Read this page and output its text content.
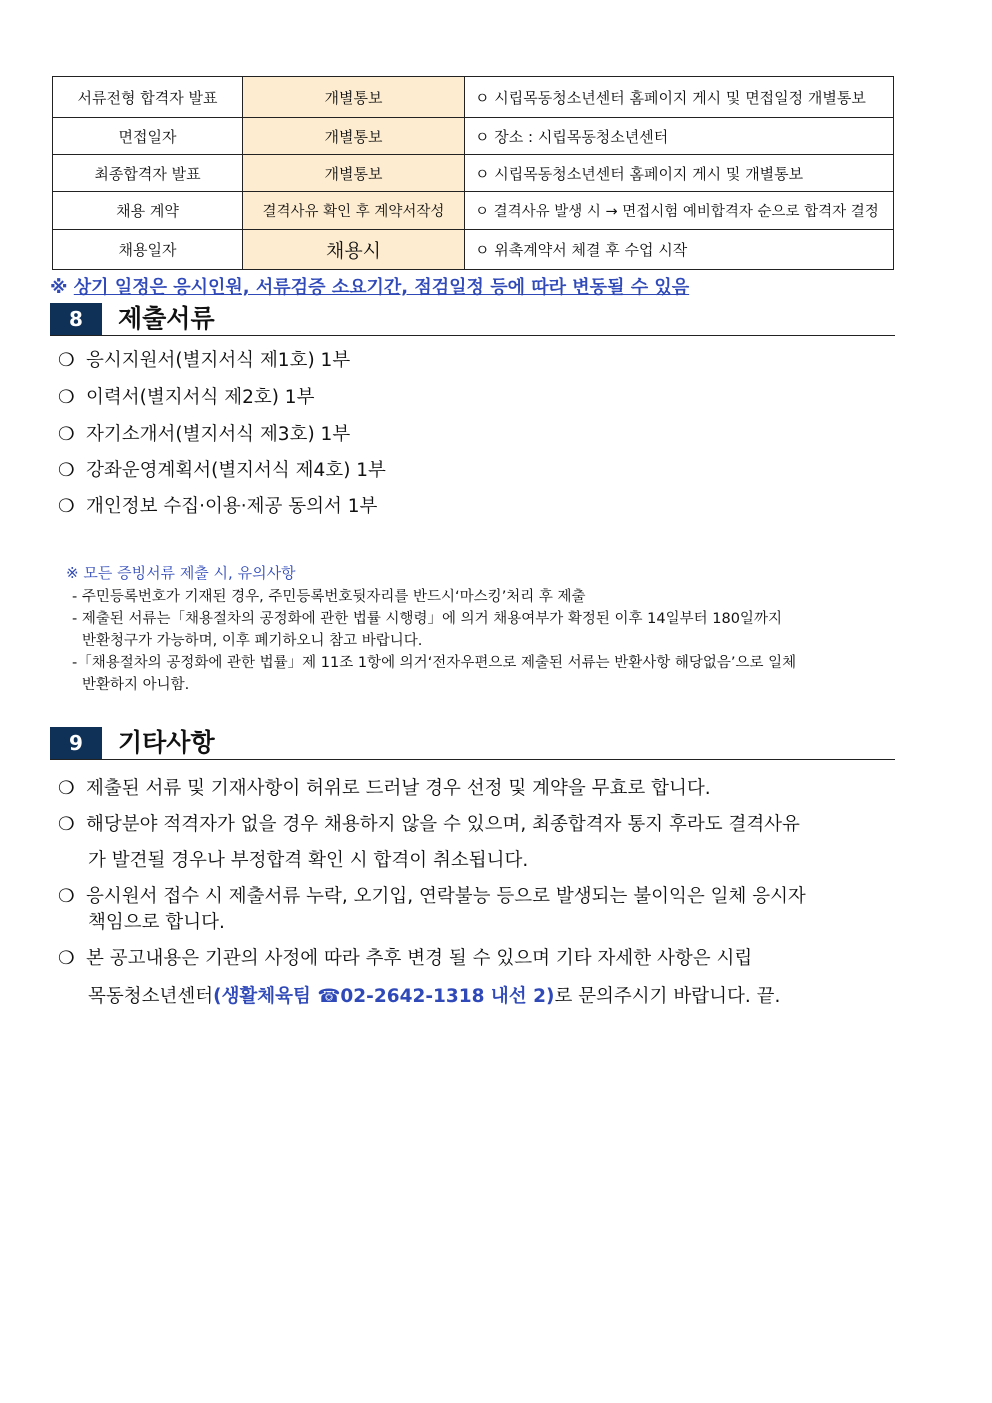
서류전형 합격자 발표	개별통보	ㅇ 시립목동청소년센터 홈페이지 게시 및 면접일정 개별통보
면접일자	개별통보	ㅇ 장소 : 시립목동청소년센터
최종합격자 발표	개별통보	ㅇ 시립목동청소년센터 홈페이지 게시 및 개별통보
채용 계약	결격사유 확인 후 계약서작성	ㅇ 결격사유 발생 시 → 면접시험 예비합격자 순으로 합격자 결정
채용일자	채용시	ㅇ 위촉계약서 체결 후 수업 시작
※ 상기 일정은 응시인원, 서류검증 소요기간, 점검일정 등에 따라 변동될 수 있음
8	제출서류
❍ 응시지원서(별지서식 제1호) 1부
❍ 이력서(별지서식 제2호) 1부
❍ 자기소개서(별지서식 제3호) 1부
❍ 강좌운영계획서(별지서식 제4호) 1부
❍ 개인정보 수집·이용·제공 동의서 1부
※ 모든 증빙서류 제출 시, 유의사항
- 주민등록번호가 기재된 경우, 주민등록번호뒷자리를 반드시‘마스킹’처리 후 제출
- 제출된 서류는「채용절차의 공정화에 관한 법률 시행령」에 의거 채용여부가 확정된 이후 14일부터 180일까지
반환청구가 가능하며, 이후 폐기하오니 참고 바랍니다.
-「채용절차의 공정화에 관한 법률」제 11조 1항에 의거‘전자우편으로 제출된 서류는 반환사항 해당없음’으로 일체
반환하지 아니함.
9	기타사항
❍ 제출된 서류 및 기재사항이 허위로 드러날 경우 선정 및 계약을 무효로 합니다.
❍ 해당분야 적격자가 없을 경우 채용하지 않을 수 있으며, 최종합격자 통지 후라도 결격사유
가 발견될 경우나 부정합격 확인 시 합격이 취소됩니다.
❍ 응시원서 접수 시 제출서류 누락, 오기입, 연락불능 등으로 발생되는 불이익은 일체 응시자
책임으로 합니다.
❍ 본 공고내용은 기관의 사정에 따라 추후 변경 될 수 있으며 기타 자세한 사항은 시립
목동청소년센터(생활체육팀 ☎02-2642-1318 내선 2)로 문의주시기 바랍니다. 끝.
